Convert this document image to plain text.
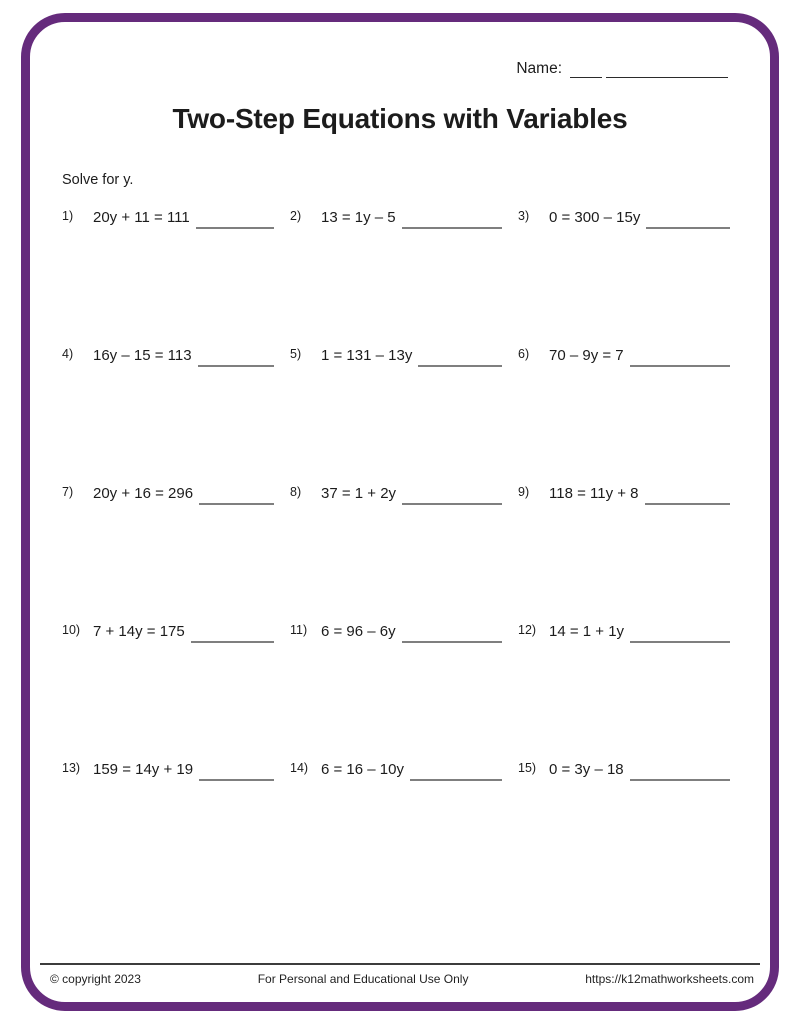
Name:
Two-Step Equations with Variables
Solve for y.
1)	20y + 11 = 111	2)	13 = 1y – 5	3)	0 = 300 – 15y
4)	16y – 15 = 113	5)	1 = 131 – 13y	6)	70 – 9y = 7
7)	20y + 16 = 296	8)	37 = 1 + 2y	9)	118 = 11y + 8
10) 7 + 14y = 175	11) 6 = 96 – 6y	12) 14 = 1 + 1y
13) 159 = 14y + 19	14) 6 = 16 – 10y	15) 0 = 3y – 18
© copyright 2023	For Personal and Educational Use Only	https://k12mathworksheets.com
